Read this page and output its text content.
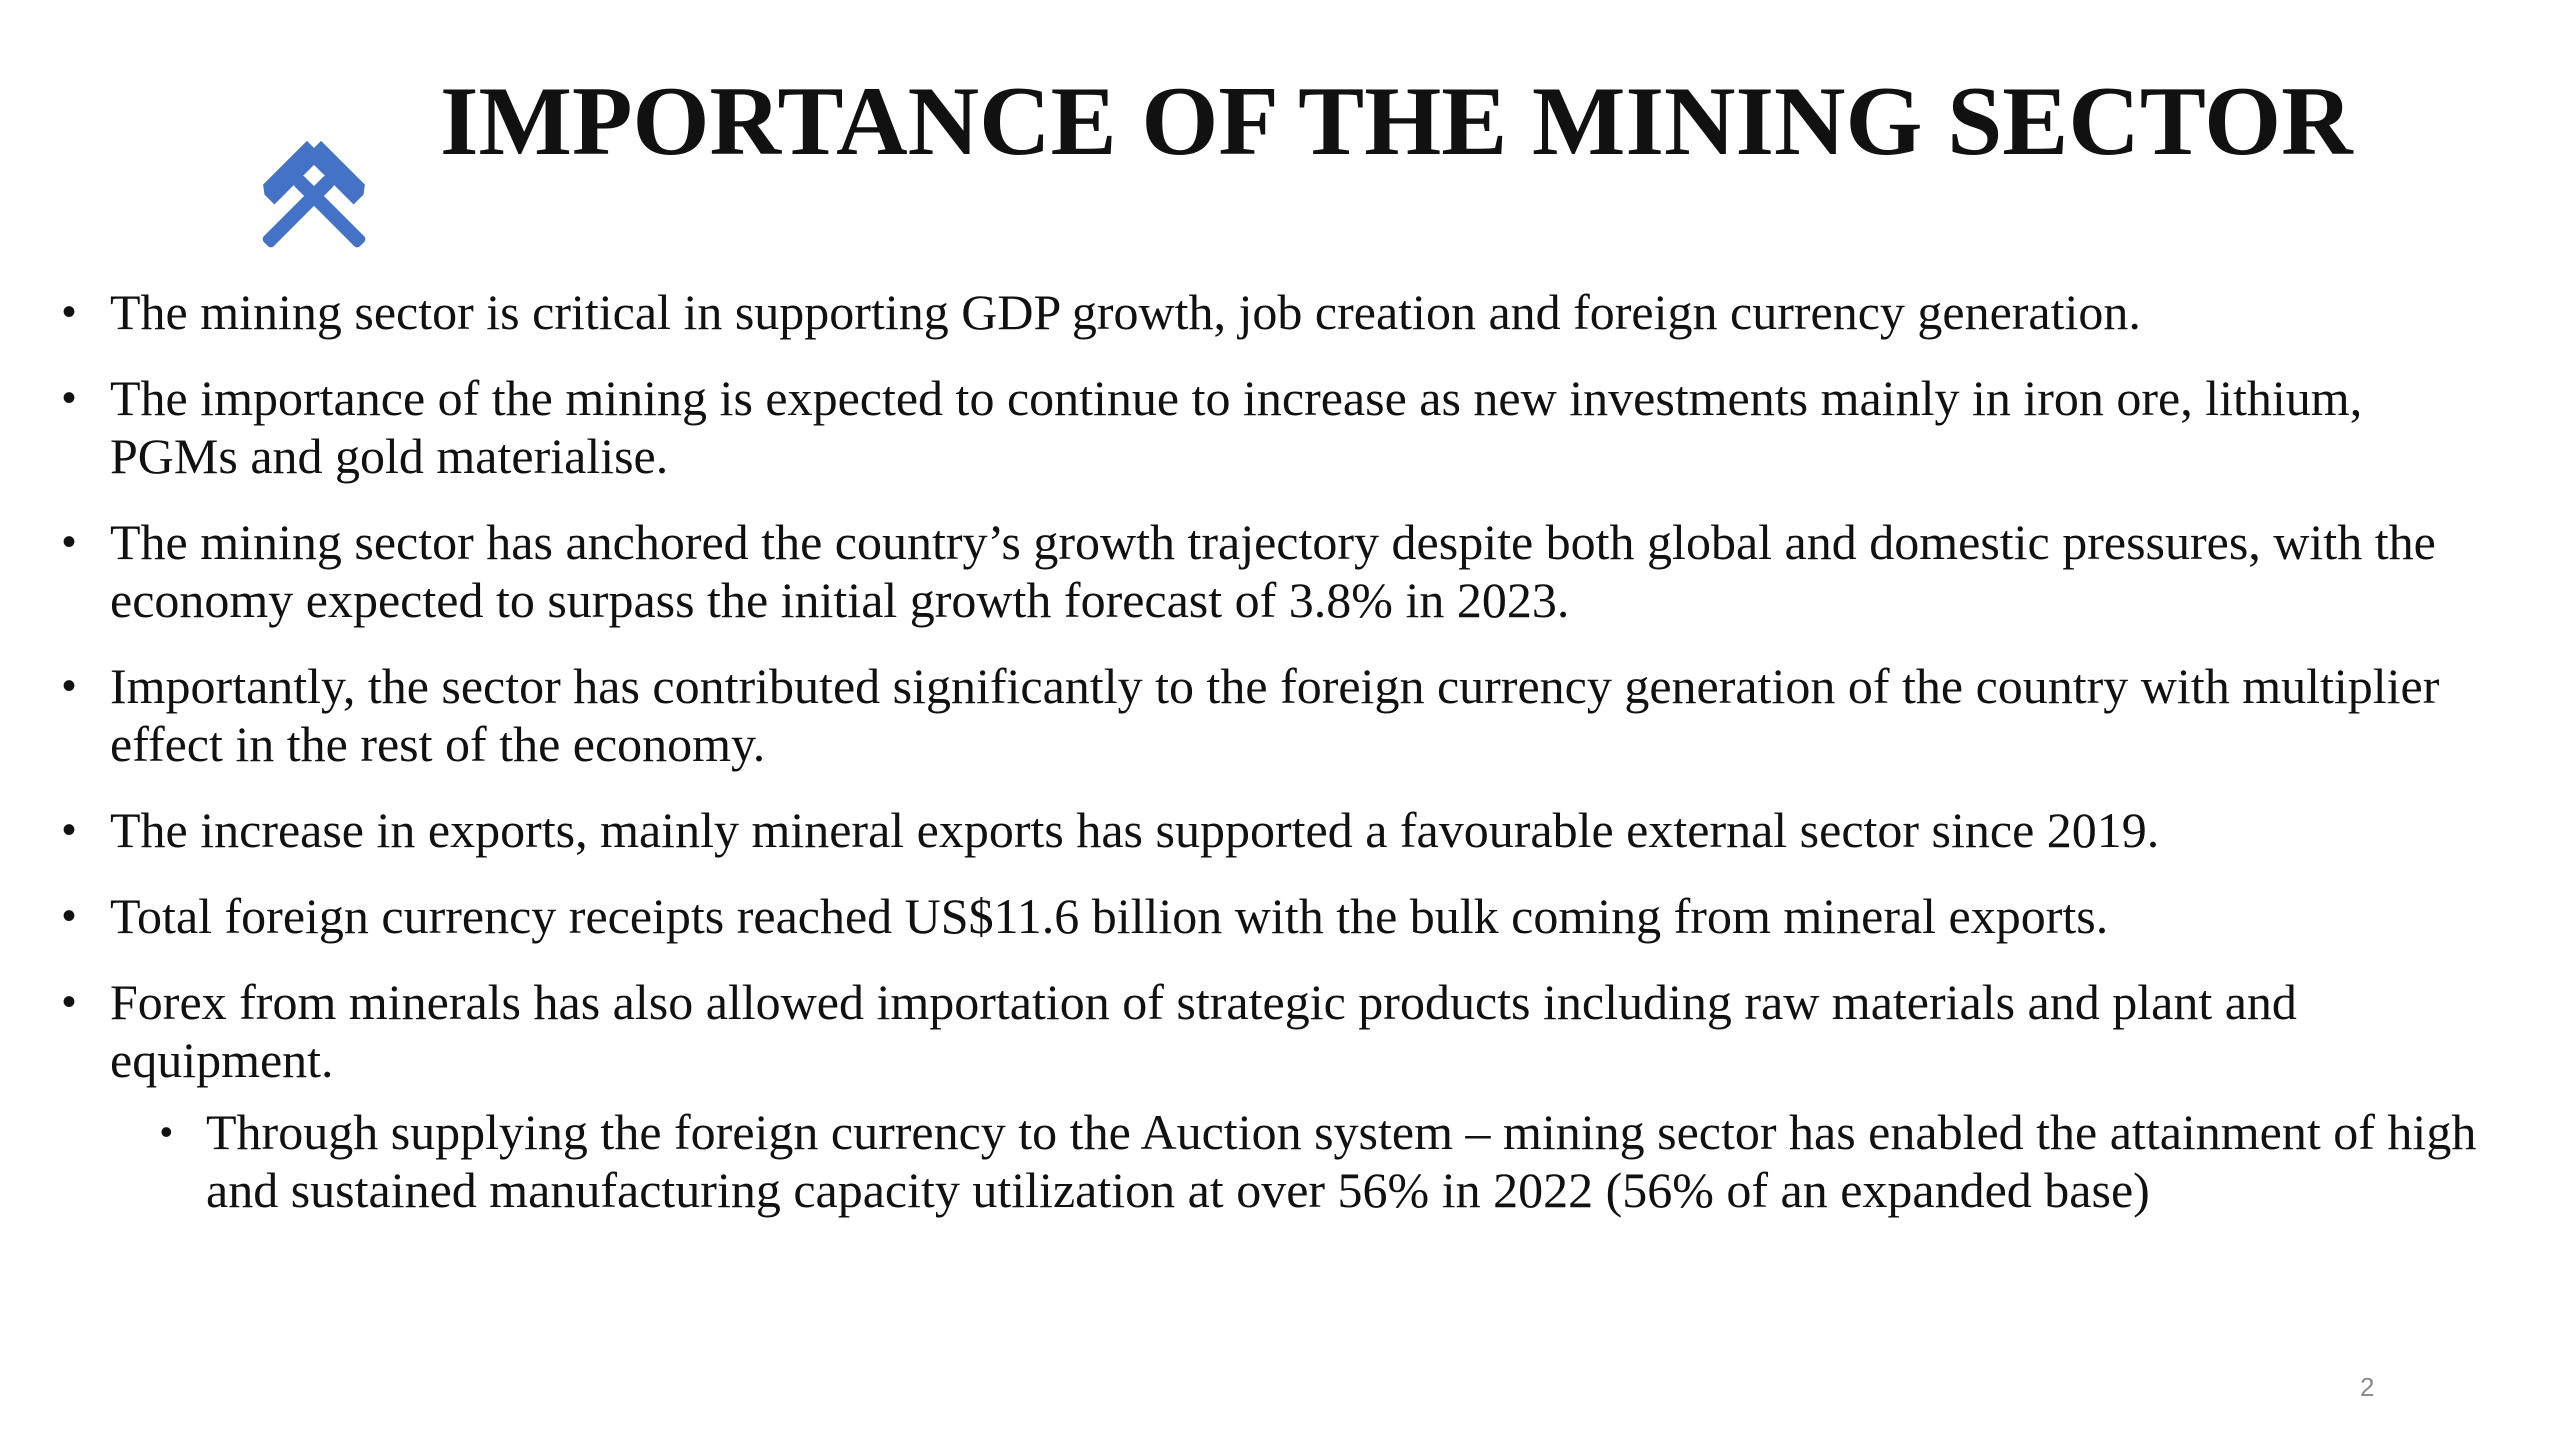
IMPORTANCE OF THE MINING SECTOR
• The mining sector is critical in supporting GDP growth, job creation and foreign currency generation.
• The importance of the mining is expected to continue to increase as new investments mainly in iron ore, lithium, PGMs and gold materialise.
• The mining sector has anchored the country’s growth trajectory despite both global and domestic pressures, with the economy expected to surpass the initial growth forecast of 3.8% in 2023.
• Importantly, the sector has contributed significantly to the foreign currency generation of the country with multiplier effect in the rest of the economy.
• The increase in exports, mainly mineral exports has supported a favourable external sector since 2019.
• Total foreign currency receipts reached US$11.6 billion with the bulk coming from mineral exports.
• Forex from minerals has also allowed importation of strategic products including raw materials and plant and equipment.
• Through supplying the foreign currency to the Auction system – mining sector has enabled the attainment of high and sustained manufacturing capacity utilization at over 56% in 2022 (56% of an expanded base)
2
